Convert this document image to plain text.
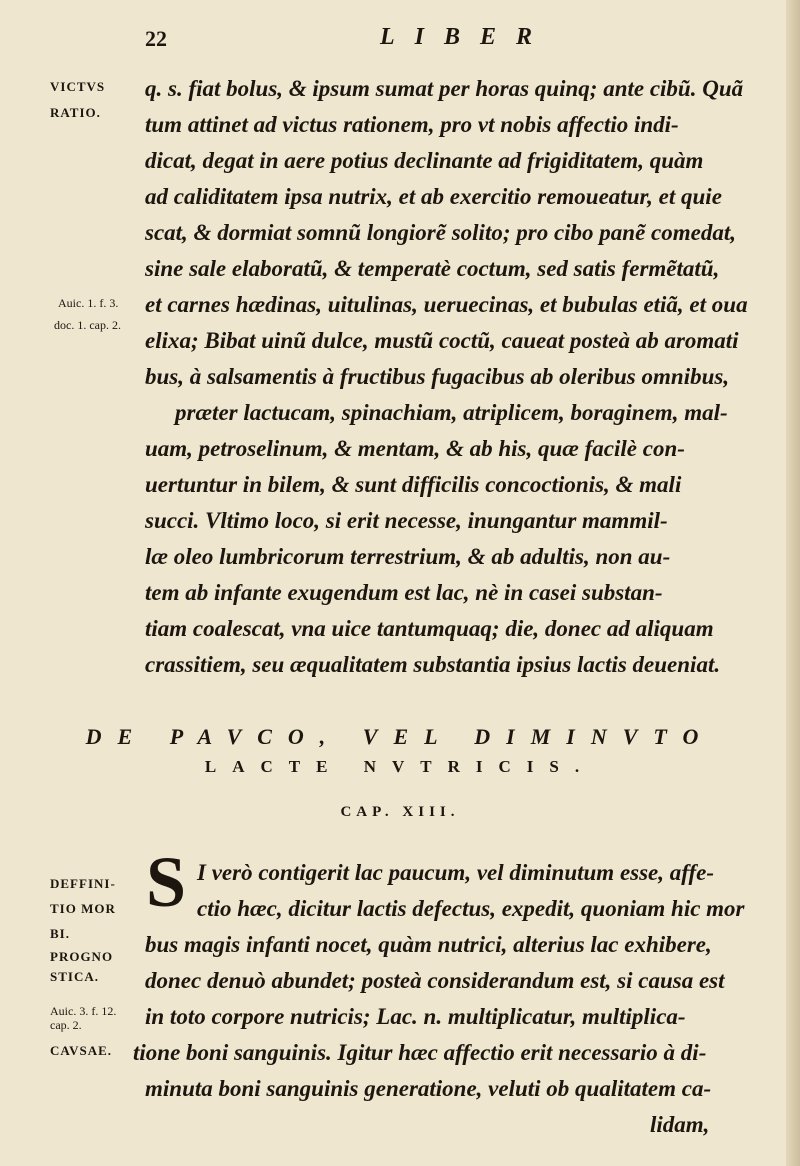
22	LIBER
VICTVS
RATIO.
Auic. 1. f. 3.
doc. 1. cap. 2.
DEFFINI-
TIO MOR
BI.
PROGNO
STICA.
Auic. 3. f. 12.
cap. 2.
CAVSAE.
q. s. fiat bolus, & ipsum sumat per horas quinq; ante cibũ. Quã
tum attinet ad victus rationem, pro vt nobis affectio indi-
dicat, degat in aere potius declinante ad frigiditatem, quàm
ad caliditatem ipsa nutrix, et ab exercitio remoueatur, et quie
scat, & dormiat somnũ longiorẽ solito; pro cibo panẽ comedat,
sine sale elaboratũ, & temperatè coctum, sed satis fermẽtatũ,
et carnes hædinas, uitulinas, ueruecinas, et bubulas etiã, et oua
elixa; Bibat uinũ dulce, mustũ coctũ, caueat posteà ab aromati
bus, à salsamentis à fructibus fugacibus ab oleribus omnibus,
præter lactucam, spinachiam, atriplicem, boraginem, mal-
uam, petroselinum, & mentam, & ab his, quæ facilè con-
uertuntur in bilem, & sunt difficilis concoctionis, & mali
succi. Vltimo loco, si erit necesse, inungantur mammil-
læ oleo lumbricorum terrestrium, & ab adultis, non au-
tem ab infante exugendum est lac, nè in casei substan-
tiam coalescat, vna uice tantumquaq; die, donec ad aliquam
crassitiem, seu æqualitatem substantia ipsius lactis deueniat.
DE PAVCO, VEL DIMINVTO
LACTE NVTRICIS.
CAP. XIII.
S I verò contigerit lac paucum, vel diminutum esse, affe-
ctio hæc, dicitur lactis defectus, expedit, quoniam hic mor
bus magis infanti nocet, quàm nutrici, alterius lac exhibere,
donec denuò abundet; posteà considerandum est, si causa est
in toto corpore nutricis; Lac. n. multiplicatur, multiplica-
tione boni sanguinis. Igitur hæc affectio erit necessario à di-
minuta boni sanguinis generatione, veluti ob qualitatem ca-
lidam,
